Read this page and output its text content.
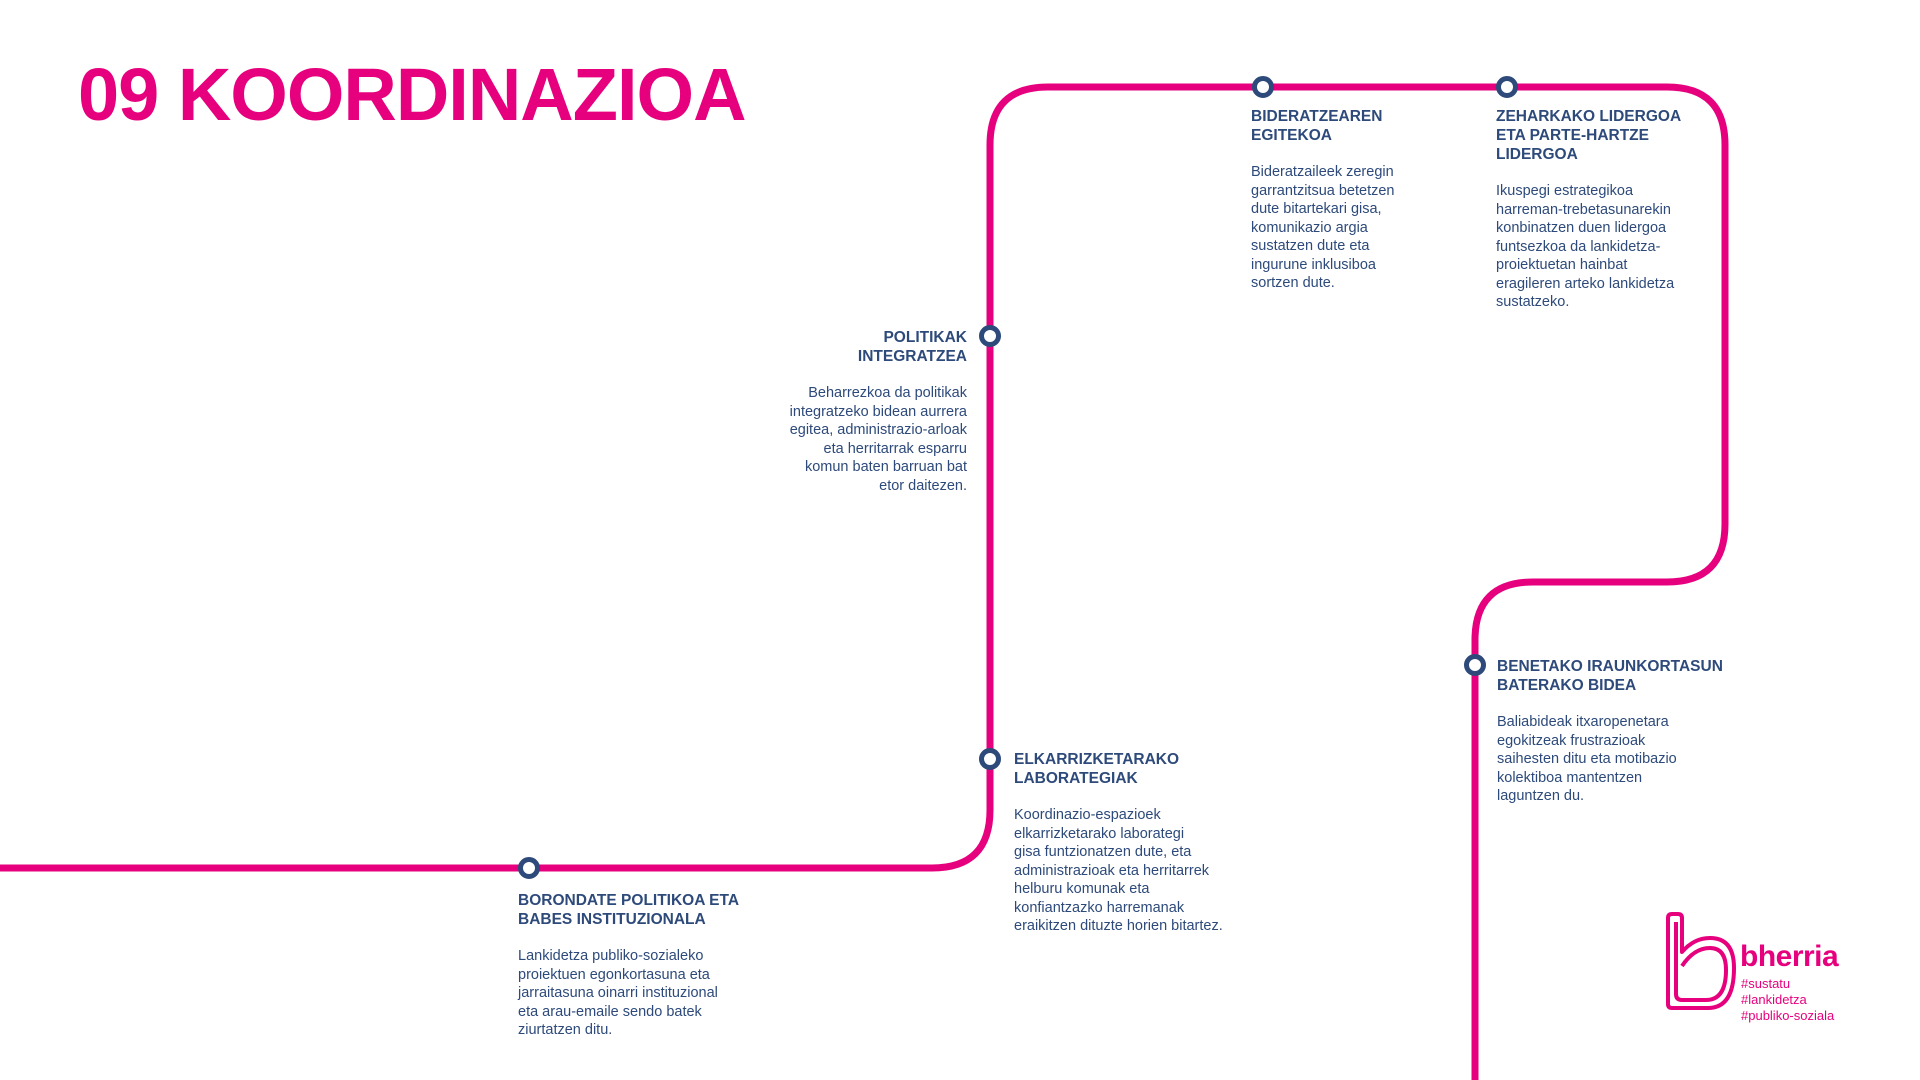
09 KOORDINAZIOA
BORONDATE POLITIKOA ETA
BABES INSTITUZIONALA
Lankidetza publiko-sozialeko
proiektuen egonkortasuna eta
jarraitasuna oinarri instituzional
eta arau-emaile sendo batek
ziurtatzen ditu.
ELKARRIZKETARAKO
LABORATEGIAK
Koordinazio-espazioek
elkarrizketarako laborategi
gisa funtzionatzen dute, eta
administrazioak eta herritarrek
helburu komunak eta
konfiantzazko harremanak
eraikitzen dituzte horien bitartez.
POLITIKAK
INTEGRATZEA
Beharrezkoa da politikak
integratzeko bidean aurrera
egitea, administrazio-arloak
eta herritarrak esparru
komun baten barruan bat
etor daitezen.
BIDERATZEAREN
EGITEKOA
Bideratzaileek zeregin
garrantzitsua betetzen
dute bitartekari gisa,
komunikazio argia
sustatzen dute eta
ingurune inklusiboa
sortzen dute.
ZEHARKAKO LIDERGOA
ETA PARTE-HARTZE
LIDERGOA
Ikuspegi estrategikoa
harreman-trebetasunarekin
konbinatzen duen lidergoa
funtsezkoa da lankidetza-
proiektuetan hainbat
eragileren arteko lankidetza
sustatzeko.
BENETAKO IRAUNKORTASUN
BATERAKO BIDEA
Baliabideak itxaropenetara
egokitzeak frustrazioak
saihesten ditu eta motibazio
kolektiboa mantentzen
laguntzen du.
bherria
#sustatu
#lankidetza
#publiko-soziala
